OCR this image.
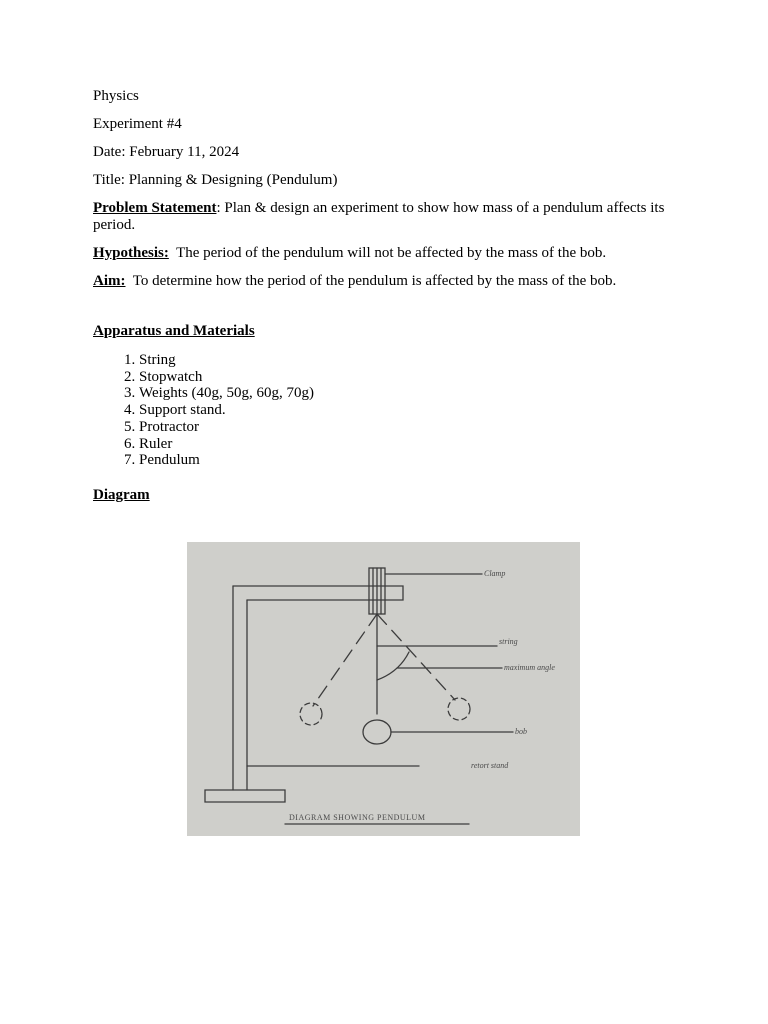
Physics
Experiment #4
Date: February 11, 2024
Title: Planning & Designing (Pendulum)
Problem Statement: Plan & design an experiment to show how mass of a pendulum affects its period.
Hypothesis:  The period of the pendulum will not be affected by the mass of the bob.
Aim:  To determine how the period of the pendulum is affected by the mass of the bob.
Apparatus and Materials
1. String
2. Stopwatch
3. Weights (40g, 50g, 60g, 70g)
4. Support stand.
5. Protractor
6. Ruler
7. Pendulum
Diagram
Clamp
string
maximum angle
bob
retort stand
DIAGRAM SHOWING PENDULUM
